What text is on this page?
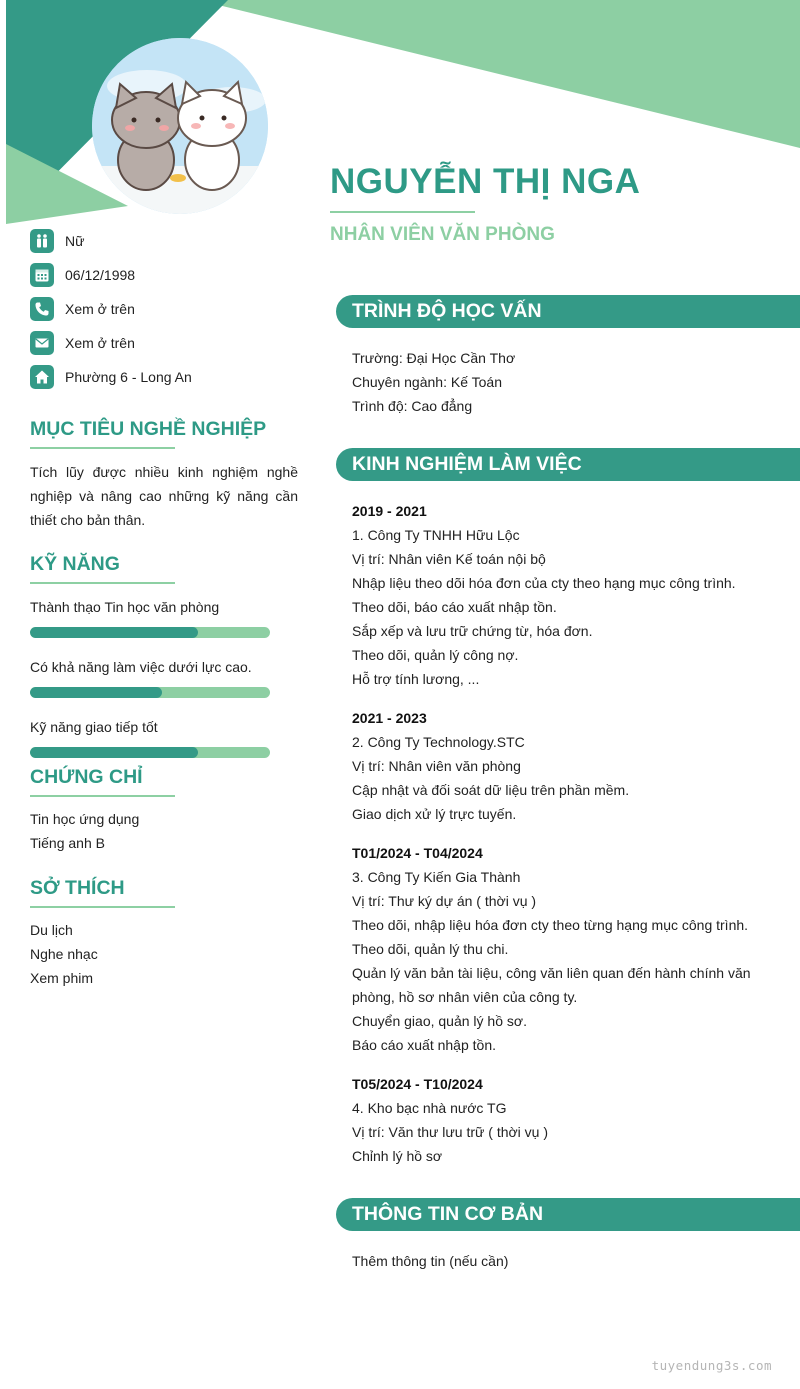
NGUYỄN THỊ NGA
NHÂN VIÊN VĂN PHÒNG
Nữ
06/12/1998
Xem ở trên
Xem ở trên
Phường 6 - Long An
MỤC TIÊU NGHỀ NGHIỆP
Tích lũy được nhiều kinh nghiệm nghề nghiệp và nâng cao những kỹ năng cần thiết cho bản thân.
KỸ NĂNG
Thành thạo Tin học văn phòng
Có khả năng làm việc dưới lực cao.
Kỹ năng giao tiếp tốt
CHỨNG CHỈ
Tin học ứng dụng
Tiếng anh B
SỞ THÍCH
Du lịch
Nghe nhạc
Xem phim
TRÌNH ĐỘ HỌC VẤN
Trường: Đại Học Cần Thơ
Chuyên ngành: Kế Toán
Trình độ: Cao đẳng
KINH NGHIỆM LÀM VIỆC
2019 - 2021
1. Công Ty TNHH Hữu Lộc
Vị trí: Nhân viên Kế toán nội bộ
Nhập liệu theo dõi hóa đơn của cty theo hạng mục công trình.
Theo dõi, báo cáo xuất nhập tồn.
Sắp xếp và lưu trữ chứng từ, hóa đơn.
Theo dõi, quản lý công nợ.
Hỗ trợ tính lương, ...
2021 - 2023
2. Công Ty Technology.STC
Vị trí: Nhân viên văn phòng
Cập nhật và đối soát dữ liệu trên phần mềm.
Giao dịch xử lý trực tuyến.
T01/2024 - T04/2024
3. Công Ty Kiến Gia Thành
Vị trí: Thư ký dự án ( thời vụ )
Theo dõi, nhập liệu hóa đơn cty theo từng hạng mục công trình.
Theo dõi, quản lý thu chi.
Quản lý văn bản tài liệu, công văn liên quan đến hành chính văn
phòng, hồ sơ nhân viên của công ty.
Chuyển giao, quản lý hồ sơ.
Báo cáo xuất nhập tồn.
T05/2024 - T10/2024
4. Kho bạc nhà nước TG
Vị trí: Văn thư lưu trữ ( thời vụ )
Chỉnh lý hồ sơ
THÔNG TIN CƠ BẢN
Thêm thông tin (nếu cần)
tuyendung3s.com
